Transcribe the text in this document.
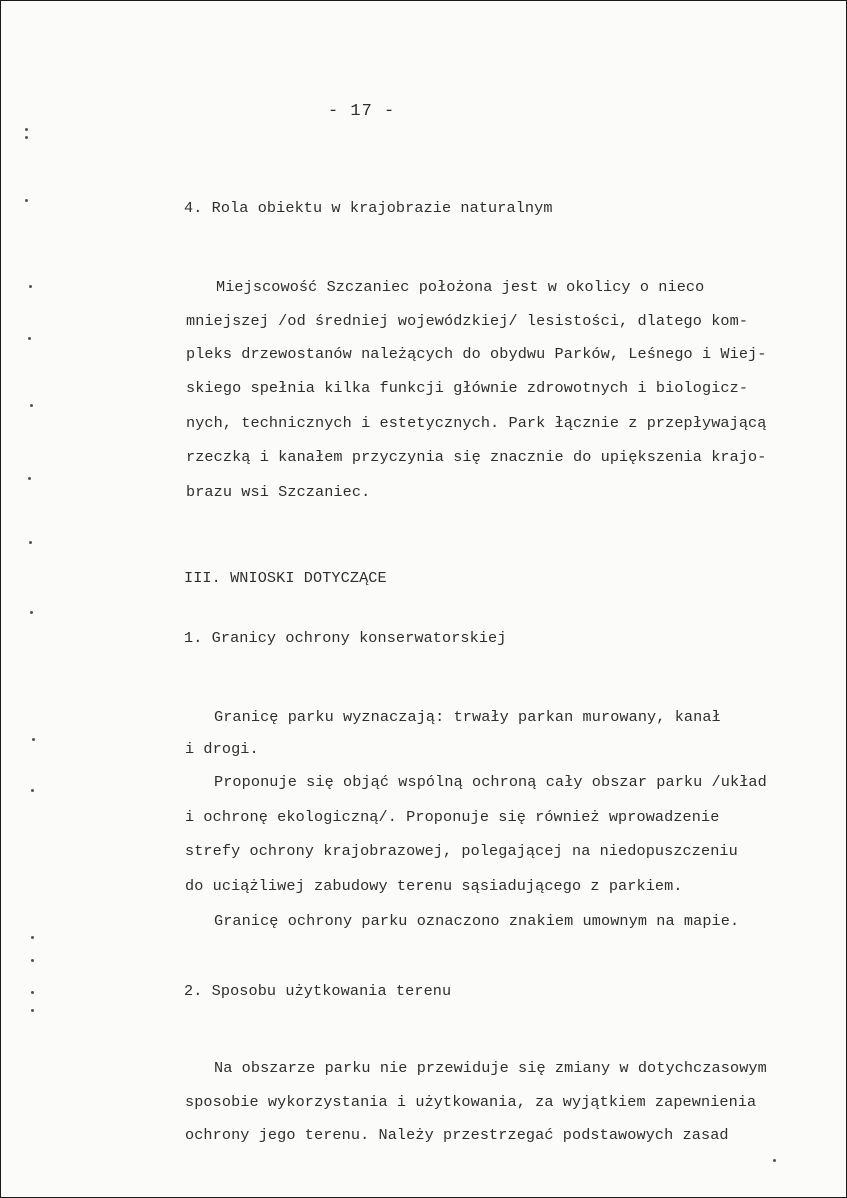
- 17 -

4. Rola obiektu w krajobrazie naturalnym

Miejscowość Szczaniec położona jest w okolicy o nieco

mniejszej /od średniej wojewódzkiej/ lesistości, dlatego kom-

pleks drzewostanów należących do obydwu Parków, Leśnego i Wiej-

skiego spełnia kilka funkcji głównie zdrowotnych i biologicz-

nych, technicznych i estetycznych. Park łącznie z przepływającą

rzeczką i kanałem przyczynia się znacznie do upiększenia krajo-

brazu wsi Szczaniec.

III. WNIOSKI DOTYCZĄCE

1. Granicy ochrony konserwatorskiej

Granicę parku wyznaczają: trwały parkan murowany, kanał

i drogi.

Proponuje się objąć wspólną ochroną cały obszar parku /układ

i ochronę ekologiczną/. Proponuje się również wprowadzenie

strefy ochrony krajobrazowej, polegającej na niedopuszczeniu

do uciążliwej zabudowy terenu sąsiadującego z parkiem.

Granicę ochrony parku oznaczono znakiem umownym na mapie.

2. Sposobu użytkowania terenu

Na obszarze parku nie przewiduje się zmiany w dotychczasowym

sposobie wykorzystania i użytkowania, za wyjątkiem zapewnienia

ochrony jego terenu. Należy przestrzegać podstawowych zasad
